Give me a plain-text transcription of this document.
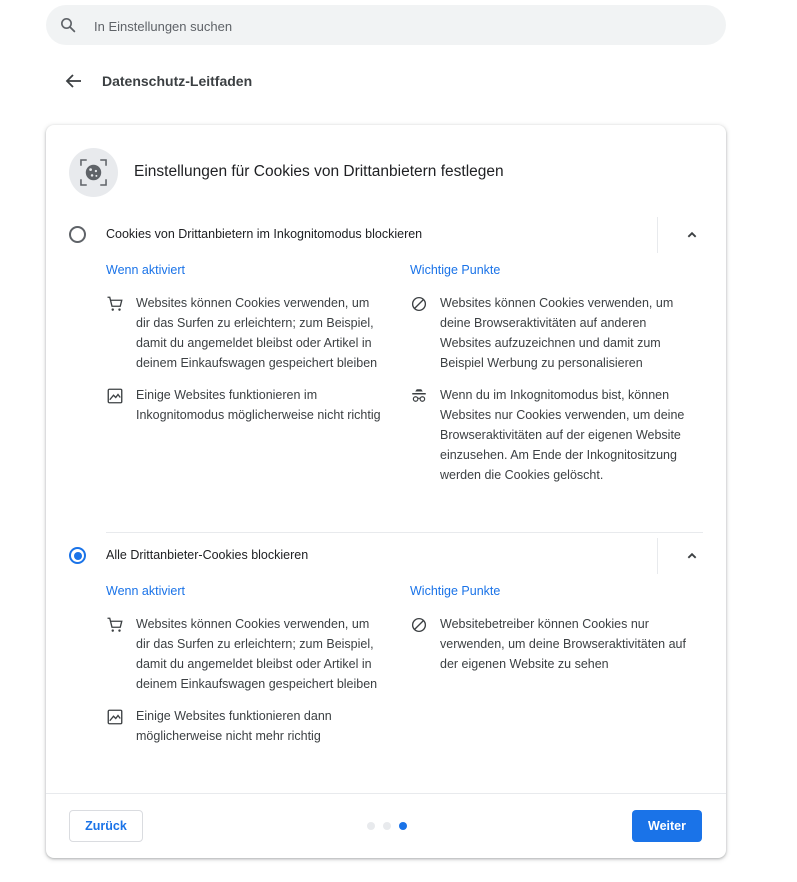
In Einstellungen suchen
Datenschutz-Leitfaden
Einstellungen für Cookies von Drittanbietern festlegen
Cookies von Drittanbietern im Inkognitomodus blockieren
Wenn aktiviert
Websites können Cookies verwenden, um dir das Surfen zu erleichtern; zum Beispiel, damit du angemeldet bleibst oder Artikel in deinem Einkaufswagen gespeichert bleiben
Einige Websites funktionieren im Inkognitomodus möglicherweise nicht richtig
Wichtige Punkte
Websites können Cookies verwenden, um deine Browseraktivitäten auf anderen Websites aufzuzeichnen und damit zum Beispiel Werbung zu personalisieren
Wenn du im Inkognitomodus bist, können Websites nur Cookies verwenden, um deine Browseraktivitäten auf der eigenen Website einzusehen. Am Ende der Inkognitositzung werden die Cookies gelöscht.
Alle Drittanbieter-Cookies blockieren
Wenn aktiviert
Websites können Cookies verwenden, um dir das Surfen zu erleichtern; zum Beispiel, damit du angemeldet bleibst oder Artikel in deinem Einkaufswagen gespeichert bleiben
Einige Websites funktionieren dann möglicherweise nicht mehr richtig
Wichtige Punkte
Websitebetreiber können Cookies nur verwenden, um deine Browseraktivitäten auf der eigenen Website zu sehen
Zurück	Weiter
